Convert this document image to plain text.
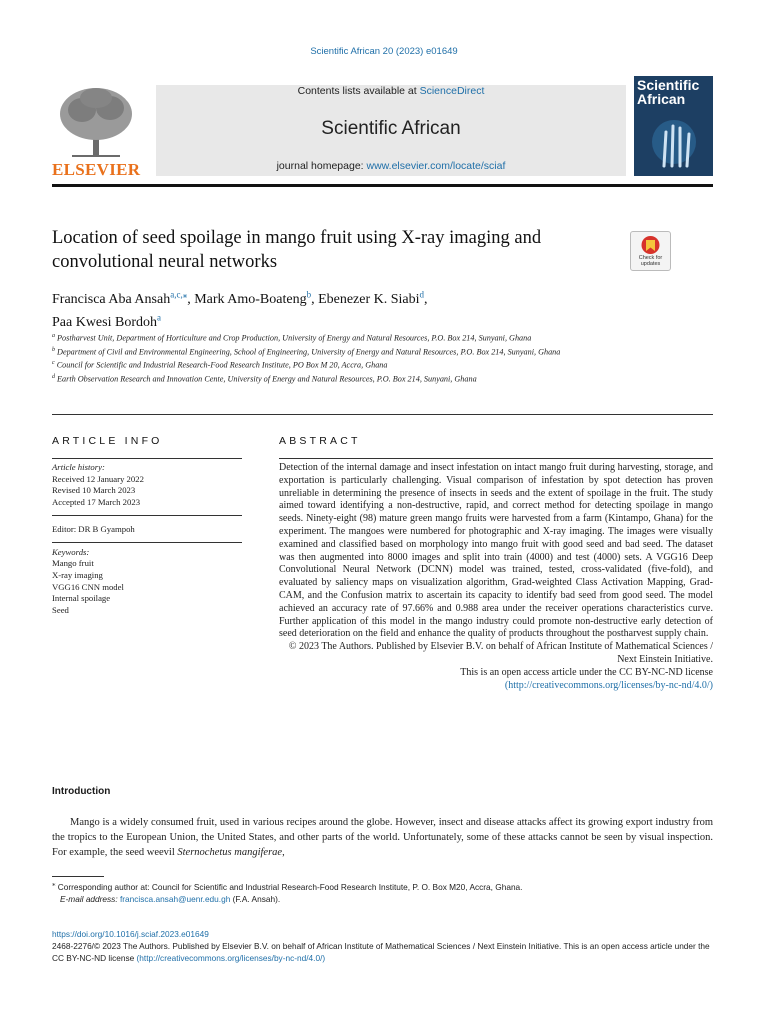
Scientific African 20 (2023) e01649
ELSEVIER
Contents lists available at ScienceDirect
Scientific African
journal homepage: www.elsevier.com/locate/sciaf
Scientific African
Location of seed spoilage in mango fruit using X-ray imaging and convolutional neural networks	Check for updates
Francisca Aba Ansah$^{a,c,⁎}$, Mark Amo-Boateng$^b$, Ebenezer K. Siabi$^d$,
Paa Kwesi Bordoh$^a$
$^a$ Postharvest Unit, Department of Horticulture and Crop Production, University of Energy and Natural Resources, P.O. Box 214, Sunyani, Ghana
$^b$ Department of Civil and Environmental Engineering, School of Engineering, University of Energy and Natural Resources, P.O. Box 214, Sunyani, Ghana
$^c$ Council for Scientific and Industrial Research-Food Research Institute, PO Box M 20, Accra, Ghana
$^d$ Earth Observation Research and Innovation Cente, University of Energy and Natural Resources, P.O. Box 214, Sunyani, Ghana
ARTICLE INFO	ABSTRACT
Article history:
Received 12 January 2022
Revised 10 March 2023
Accepted 17 March 2023
Editor: DR B Gyampoh
Keywords:
Mango fruit
X-ray imaging
VGG16 CNN model
Internal spoilage
Seed
Detection of the internal damage and insect infestation on intact mango fruit during harvesting, storage, and exportation is particularly challenging. Visual comparison of infestation by spot detection has proven unreliable in determining the presence of insects in seeds and the extent of spoilage in the fruit. The study aimed toward identifying a non-destructive, rapid, and correct method for detecting spoilage in mango seeds. Ninety-eight (98) mature green mango fruits were harvested from a farm (Kintampo, Ghana) for the experiment. The mangoes were numbered for photographic and X-ray imaging. The images were visually examined and classified based on morphology into mango fruit with good seed and bad seed. The dataset was then augmented into 8000 images and split into train (4000) and test (4000) sets. A VGG16 Deep Convolutional Neural Network (DCNN) model was trained, tested, cross-validated (five-fold), and evaluated by saliency maps on visualization algorithm, Grad-weighted Class Activation Mapping, Grad-CAM, and the Confusion matrix to ascertain its capacity to identify bad seed from good seed. The model achieved an accuracy rate of 97.66% and 0.988 area under the receiver operations characteristics curve. Further application of this model in the mango industry could promote non-destructive early detection of seed deterioration on the field and enhance the quality of products throughout the postharvest supply chain.
© 2023 The Authors. Published by Elsevier B.V. on behalf of African Institute of Mathematical Sciences / Next Einstein Initiative.
This is an open access article under the CC BY-NC-ND license
(http://creativecommons.org/licenses/by-nc-nd/4.0/)
Introduction
Mango is a widely consumed fruit, used in various recipes around the globe. However, insect and disease attacks affect its growing export industry from the tropics to the European Union, the United States, and other parts of the world. Unfortunately, some of these attacks cannot be seen by visual inspection. For example, the seed weevil Sternochetus mangiferae,
⁎ Corresponding author at: Council for Scientific and Industrial Research-Food Research Institute, P. O. Box M20, Accra, Ghana.
E-mail address: francisca.ansah@uenr.edu.gh (F.A. Ansah).
https://doi.org/10.1016/j.sciaf.2023.e01649
2468-2276/© 2023 The Authors. Published by Elsevier B.V. on behalf of African Institute of Mathematical Sciences / Next Einstein Initiative. This is an open access article under the CC BY-NC-ND license (http://creativecommons.org/licenses/by-nc-nd/4.0/)
